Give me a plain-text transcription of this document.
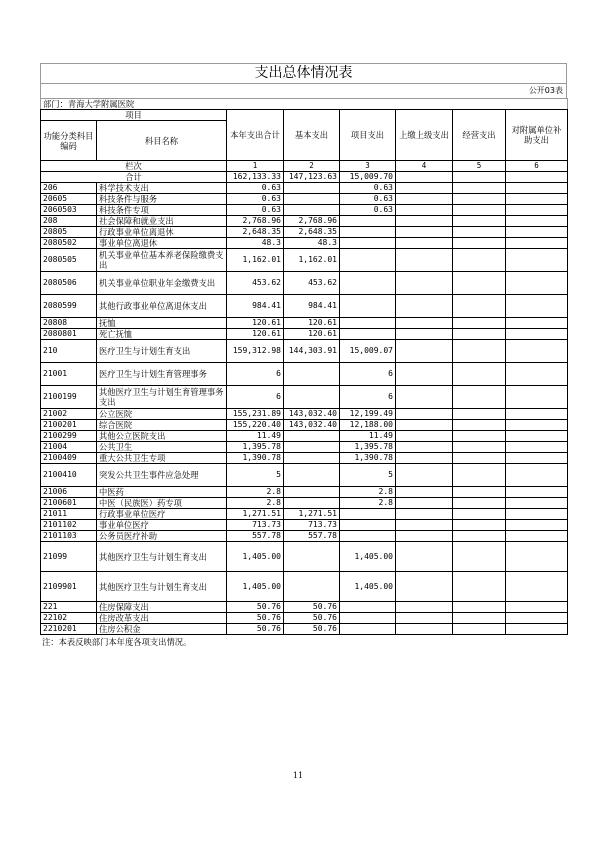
支出总体情况表
公开03表
部门：青海大学附属医院							
项目		本年支出合计	基本支出	项目支出	上缴上级支出	经营支出	对附属单位补助支出
功能分类科目编码	科目名称						
栏次		1	2	3	4	5	6
合计		162,133.33	147,123.63	15,009.70			
206	科学技术支出	0.63		0.63			
20605	科技条件与服务	0.63		0.63			
2060503	科技条件专项	0.63		0.63			
208	社会保障和就业支出	2,768.96	2,768.96				
20805	行政事业单位离退休	2,648.35	2,648.35				
2080502	事业单位离退休	48.3	48.3				
2080505	机关事业单位基本养老保险缴费支出	1,162.01	1,162.01				
2080506	机关事业单位职业年金缴费支出	453.62	453.62				
2080599	其他行政事业单位离退休支出	984.41	984.41				
20808	抚恤	120.61	120.61				
2080801	死亡抚恤	120.61	120.61				
210	医疗卫生与计划生育支出	159,312.98	144,303.91	15,009.07			
21001	医疗卫生与计划生育管理事务	6		6			
2100199	其他医疗卫生与计划生育管理事务支出	6		6			
21002	公立医院	155,231.89	143,032.40	12,199.49			
2100201	综合医院	155,220.40	143,032.40	12,188.00			
2100299	其他公立医院支出	11.49		11.49			
21004	公共卫生	1,395.78		1,395.78			
2100409	重大公共卫生专项	1,390.78		1,390.78			
2100410	突发公共卫生事件应急处理	5		5			
21006	中医药	2.8		2.8			
2100601	中医（民族医）药专项	2.8		2.8			
21011	行政事业单位医疗	1,271.51	1,271.51				
2101102	事业单位医疗	713.73	713.73				
2101103	公务员医疗补助	557.78	557.78				
21099	其他医疗卫生与计划生育支出	1,405.00		1,405.00			
2109901	其他医疗卫生与计划生育支出	1,405.00		1,405.00			
221	住房保障支出	50.76	50.76				
22102	住房改革支出	50.76	50.76				
2210201	住房公积金	50.76	50.76				
注：本表反映部门本年度各项支出情况。
11
